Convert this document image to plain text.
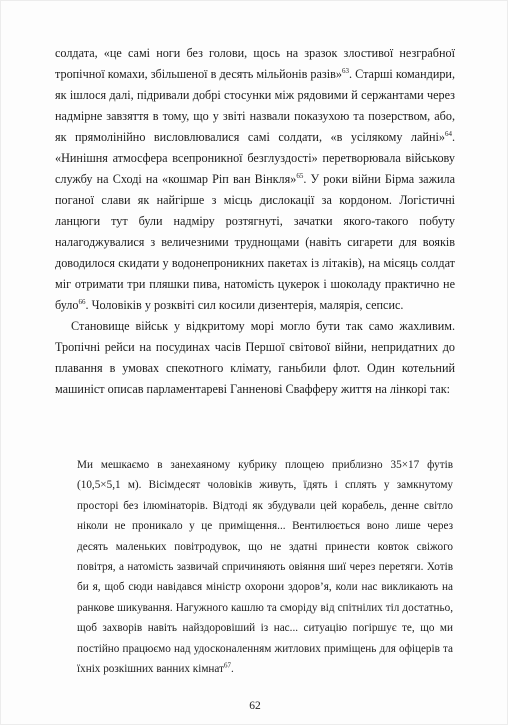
солдата, «це самі ноги без голови, щось на зразок злостивої незграбної тропічної комахи, збільшеної в десять мільйонів разів»$^{63}$. Старші командири, як ішлося далі, підривали добрі стосунки між рядовими й сержантами через надмірне завзяття в тому, що у звіті назвали показухою та позерством, або, як прямолінійно висловлювалися самі солдати, «в усілякому лайні»$^{64}$. «Нинішня атмосфера всепроникної безглуздості» перетворювала військову службу на Сході на «кошмар Ріп ван Вінкля»$^{65}$. У роки війни Бірма зажила поганої слави як найгірше з місць дислокації за кордоном. Логістичні ланцюги тут були надміру розтягнуті, зачатки якого-такого побуту налагоджувалися з величезними труднощами (навіть сигарети для вояків доводилося скидати у водонепроникних пакетах із літаків), на місяць солдат міг отримати три пляшки пива, натомість цукерок і шоколаду практично не було$^{66}$. Чоловіків у розквіті сил косили дизентерія, малярія, сепсис.

Становище військ у відкритому морі могло бути так само жахливим. Тропічні рейси на посудинах часів Першої світової війни, непридатних до плавання в умовах спекотного клімату, ганьбили флот. Один котельний машиніст описав парламентареві Ганненові Свафферу життя на лінкорі так:

Ми мешкаємо в занехаяному кубрику площею приблизно 35×17 футів (10,5×5,1 м). Вісімдесят чоловіків живуть, їдять і сплять у замкнутому просторі без ілюмінаторів. Відтоді як збудували цей корабель, денне світло ніколи не проникало у це приміщення... Вентилюється воно лише через десять маленьких повітродувок, що не здатні принести ковток свіжого повітря, а натомість зазвичай спричиняють овіяння шиї через перетяги. Хотів би я, щоб сюди навідався міністр охорони здоров’я, коли нас викликають на ранкове шикування. Нагужного кашлю та сморіду від спітнілих тіл достатньо, щоб захворів навіть найздоровіший із нас... ситуацію погіршує те, що ми постійно працюємо над удосконаленням житлових приміщень для офіцерів та їхніх розкішних ванних кімнат$^{67}$.

62
